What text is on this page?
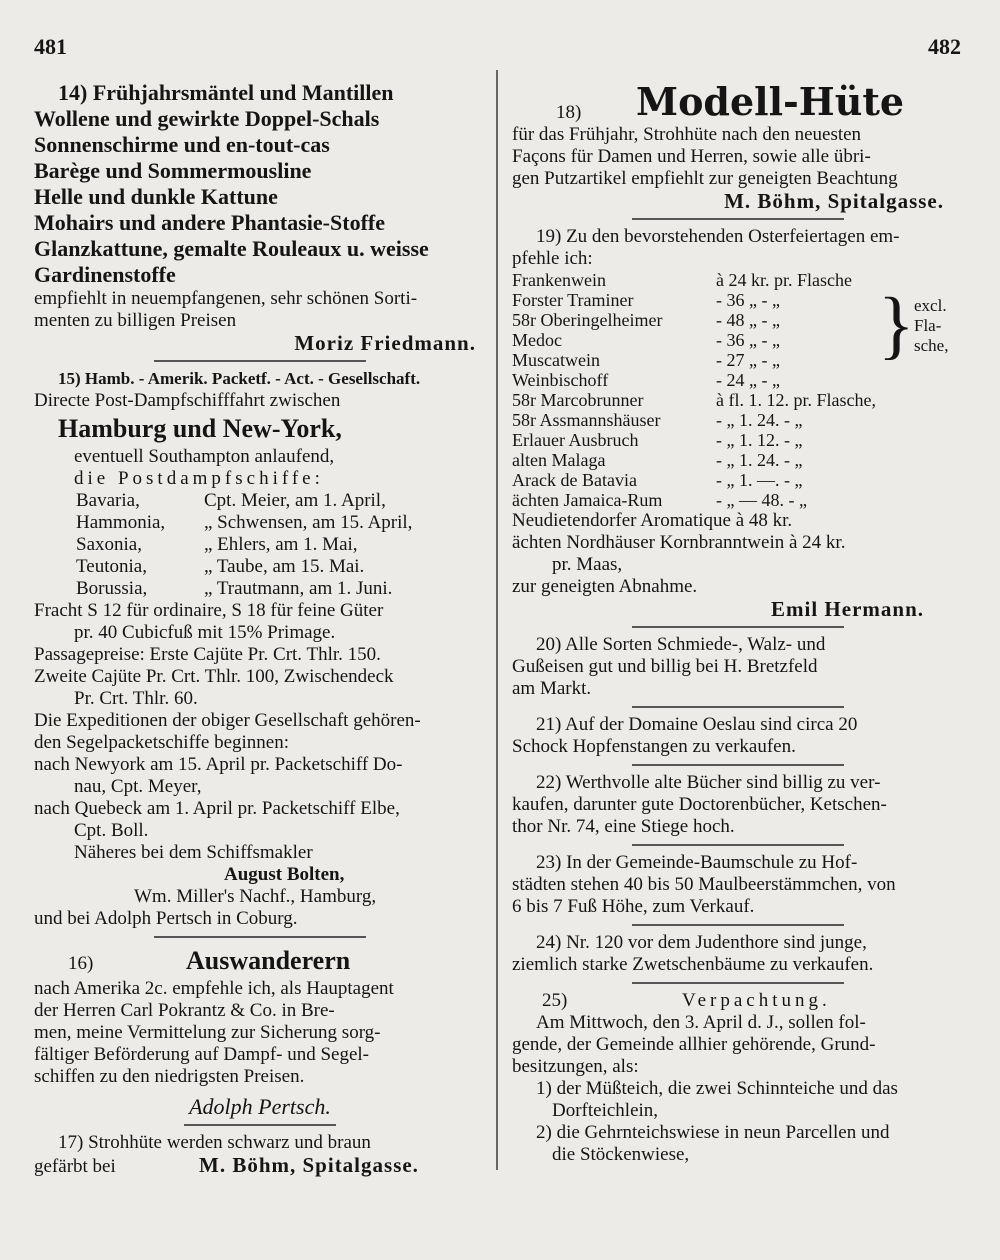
481	482
14) Frühjahrsmäntel und Mantillen
Wollene und gewirkte Doppel-Schals
Sonnenschirme und en-tout-cas
Barège und Sommermousline
Helle und dunkle Kattune
Mohairs und andere Phantasie-Stoffe
Glanzkattune, gemalte Rouleaux u. weisse
Gardinenstoffe
empfiehlt in neuempfangenen, sehr schönen Sorti-
menten zu billigen Preisen
Moriz Friedmann.
15) Hamb. - Amerik. Packetf. - Act. - Gesellschaft.
Directe Post-Dampfschifffahrt zwischen
Hamburg und New-York,
eventuell Southampton anlaufend,
die Postdampfschiffe:
Bavaria,	Cpt. Meier, am 1. April,
Hammonia, „ Schwensen, am 15. April,
Saxonia,	„ Ehlers, am 1. Mai,
Teutonia,	„ Taube, am 15. Mai.
Borussia,	„ Trautmann, am 1. Juni.
Fracht S 12 für ordinaire, S 18 für feine Güter
pr. 40 Cubicfuß mit 15% Primage.
Passagepreise: Erste Cajüte Pr. Crt. Thlr. 150.
Zweite Cajüte Pr. Crt. Thlr. 100, Zwischendeck
Pr. Crt. Thlr. 60.
Die Expeditionen der obiger Gesellschaft gehören-
den Segelpacketschiffe beginnen:
nach Newyork am 15. April pr. Packetschiff Do-
nau, Cpt. Meyer,
nach Quebeck am 1. April pr. Packetschiff Elbe,
Cpt. Boll.
Näheres bei dem Schiffsmakler
August Bolten,
Wm. Miller's Nachf., Hamburg,
und bei Adolph Pertsch in Coburg.
16)	Auswanderern
nach Amerika 2c. empfehle ich, als Hauptagent
der Herren Carl Pokrantz & Co. in Bre-
men, meine Vermittelung zur Sicherung sorg-
fältiger Beförderung auf Dampf- und Segel-
schiffen zu den niedrigsten Preisen.
Adolph Pertsch.
17) Strohhüte werden schwarz und braun
gefärbt bei	M. Böhm, Spitalgasse.
18) Modell-Hüte
für das Frühjahr, Strohhüte nach den neuesten
Façons für Damen und Herren, sowie alle übri-
gen Putzartikel empfiehlt zur geneigten Beachtung
M. Böhm, Spitalgasse.
19) Zu den bevorstehenden Osterfeiertagen em-
pfehle ich:
Frankenwein	à 24 kr. pr. Flasche
Forster Traminer	- 36 „ - „
58r Oberingelheimer	- 48 „ - „
Medoc	- 36 „ - „
Muscatwein	- 27 „ - „
Weinbischoff	- 24 „ - „
58r Marcobrunner	à fl. 1. 12. pr. Flasche,
58r Assmannshäuser	- „ 1. 24. - „
Erlauer Ausbruch	- „ 1. 12. - „
alten Malaga	- „ 1. 24. - „
Arack de Batavia	- „ 1. —. - „
ächten Jamaica-Rum	- „ — 48. - „
} excl. Fla- sche,
Neudietendorfer Aromatique à 48 kr.
ächten Nordhäuser Kornbranntwein à 24 kr.
pr. Maas,
zur geneigten Abnahme.
Emil Hermann.
20) Alle Sorten Schmiede-, Walz- und
Gußeisen gut und billig bei H. Bretzfeld
am Markt.
21) Auf der Domaine Oeslau sind circa 20
Schock Hopfenstangen zu verkaufen.
22) Werthvolle alte Bücher sind billig zu ver-
kaufen, darunter gute Doctorenbücher, Ketschen-
thor Nr. 74, eine Stiege hoch.
23) In der Gemeinde-Baumschule zu Hof-
städten stehen 40 bis 50 Maulbeerstämmchen, von
6 bis 7 Fuß Höhe, zum Verkauf.
24) Nr. 120 vor dem Judenthore sind junge,
ziemlich starke Zwetschenbäume zu verkaufen.
25)	Verpachtung.
Am Mittwoch, den 3. April d. J., sollen fol-
gende, der Gemeinde allhier gehörende, Grund-
besitzungen, als:
1) der Müßteich, die zwei Schinnteiche und das
Dorfteichlein,
2) die Gehrnteichswiese in neun Parcellen und
die Stöckenwiese,
